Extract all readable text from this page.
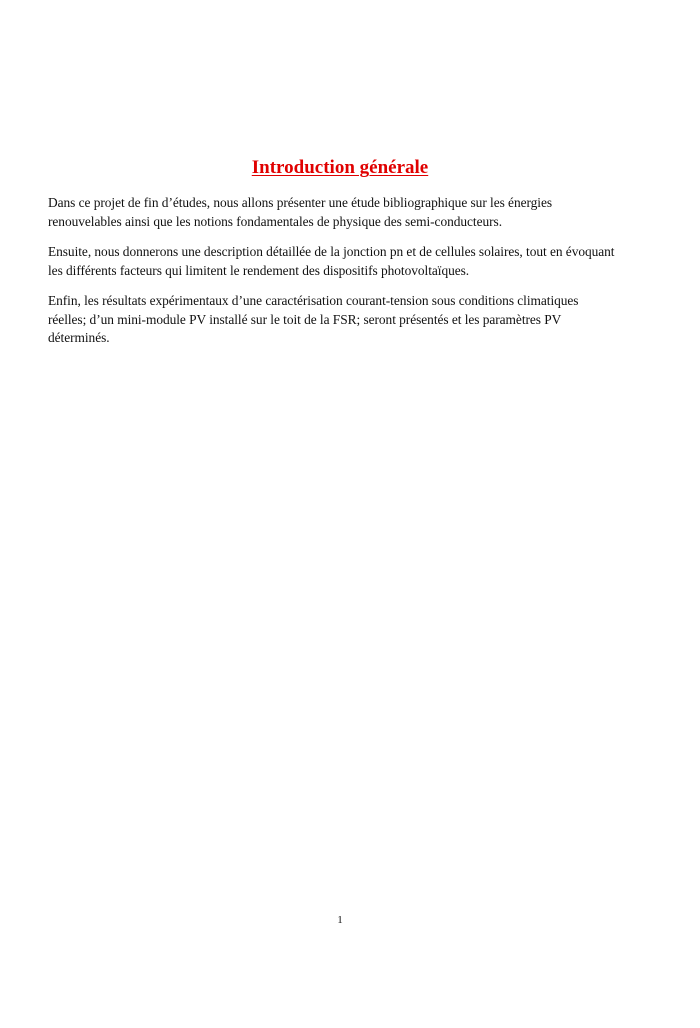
Introduction générale

Dans ce projet de fin d’études, nous allons présenter une étude bibliographique sur les énergies renouvelables ainsi que les notions fondamentales de physique des semi-conducteurs.

Ensuite, nous donnerons une description détaillée de la jonction pn et de cellules solaires, tout en évoquant les différents facteurs qui limitent le rendement des dispositifs photovoltaïques.

Enfin, les résultats expérimentaux d’une caractérisation courant-tension sous conditions climatiques réelles; d’un mini-module PV installé sur le toit de la FSR; seront présentés et les paramètres PV déterminés.

1
